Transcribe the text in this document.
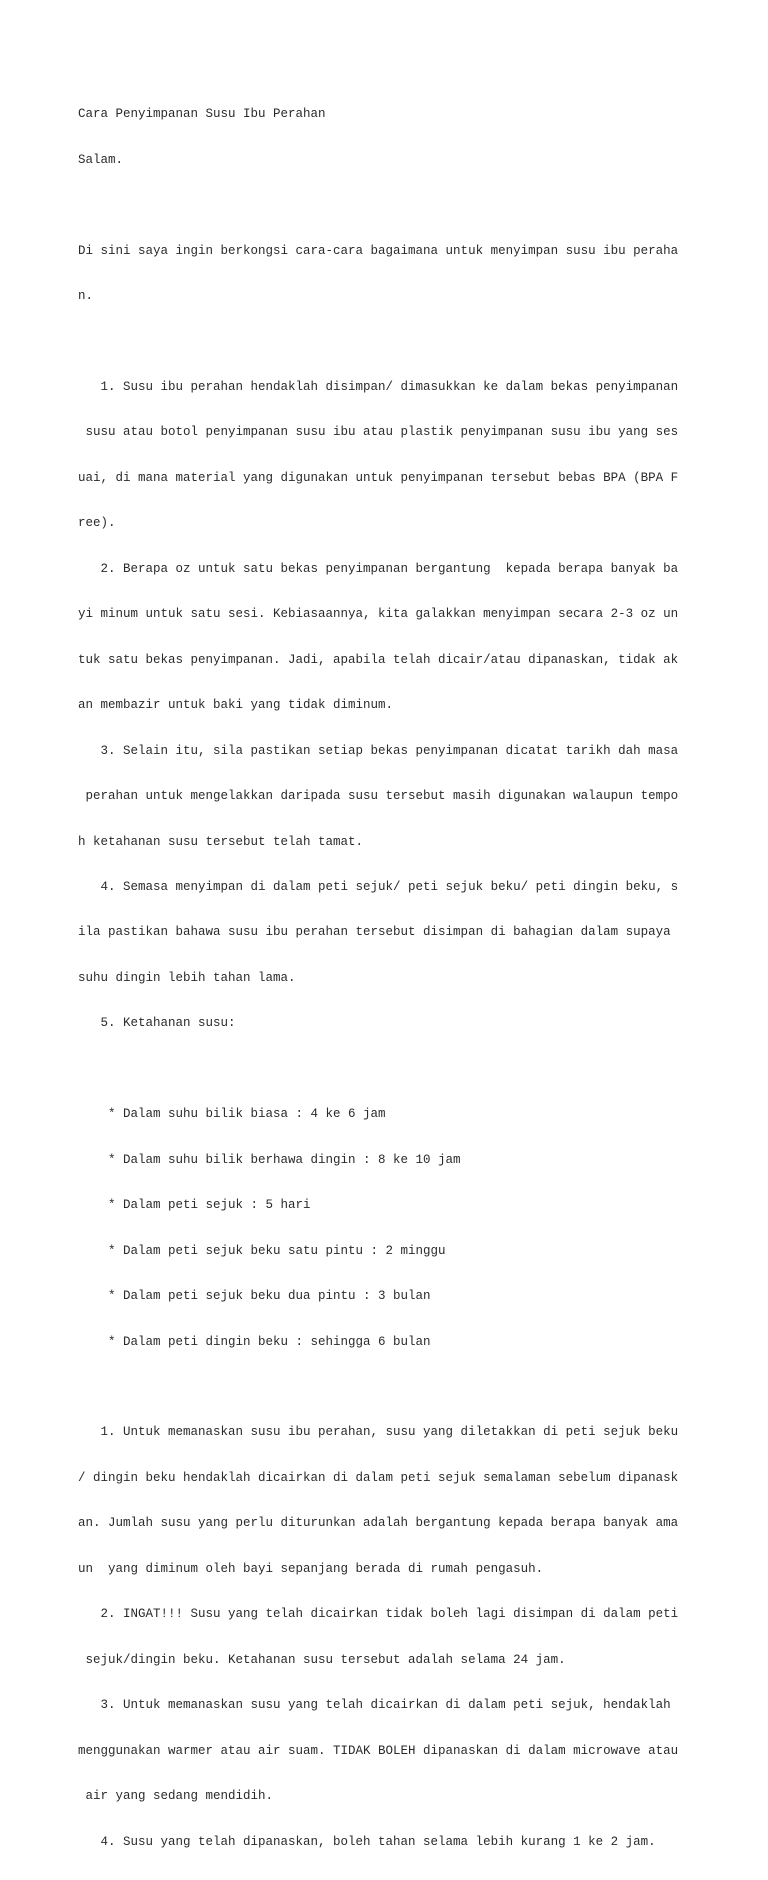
Cara Penyimpanan Susu Ibu Perahan

Salam.

Di sini saya ingin berkongsi cara-cara bagaimana untuk menyimpan susu ibu peraha

n.

1. Susu ibu perahan hendaklah disimpan/ dimasukkan ke dalam bekas penyimpanan

susu atau botol penyimpanan susu ibu atau plastik penyimpanan susu ibu yang ses

uai, di mana material yang digunakan untuk penyimpanan tersebut bebas BPA (BPA F

ree).

2. Berapa oz untuk satu bekas penyimpanan bergantung  kepada berapa banyak ba

yi minum untuk satu sesi. Kebiasaannya, kita galakkan menyimpan secara 2-3 oz un

tuk satu bekas penyimpanan. Jadi, apabila telah dicair/atau dipanaskan, tidak ak

an membazir untuk baki yang tidak diminum.

3. Selain itu, sila pastikan setiap bekas penyimpanan dicatat tarikh dah masa

perahan untuk mengelakkan daripada susu tersebut masih digunakan walaupun tempo

h ketahanan susu tersebut telah tamat.

4. Semasa menyimpan di dalam peti sejuk/ peti sejuk beku/ peti dingin beku, s

ila pastikan bahawa susu ibu perahan tersebut disimpan di bahagian dalam supaya

suhu dingin lebih tahan lama.

5. Ketahanan susu:

* Dalam suhu bilik biasa : 4 ke 6 jam

* Dalam suhu bilik berhawa dingin : 8 ke 10 jam

* Dalam peti sejuk : 5 hari

* Dalam peti sejuk beku satu pintu : 2 minggu

* Dalam peti sejuk beku dua pintu : 3 bulan

* Dalam peti dingin beku : sehingga 6 bulan

1. Untuk memanaskan susu ibu perahan, susu yang diletakkan di peti sejuk beku

/ dingin beku hendaklah dicairkan di dalam peti sejuk semalaman sebelum dipanask

an. Jumlah susu yang perlu diturunkan adalah bergantung kepada berapa banyak ama

un  yang diminum oleh bayi sepanjang berada di rumah pengasuh.

2. INGAT!!! Susu yang telah dicairkan tidak boleh lagi disimpan di dalam peti

sejuk/dingin beku. Ketahanan susu tersebut adalah selama 24 jam.

3. Untuk memanaskan susu yang telah dicairkan di dalam peti sejuk, hendaklah

menggunakan warmer atau air suam. TIDAK BOLEH dipanaskan di dalam microwave atau

air yang sedang mendidih.

4. Susu yang telah dipanaskan, boleh tahan selama lebih kurang 1 ke 2 jam.
